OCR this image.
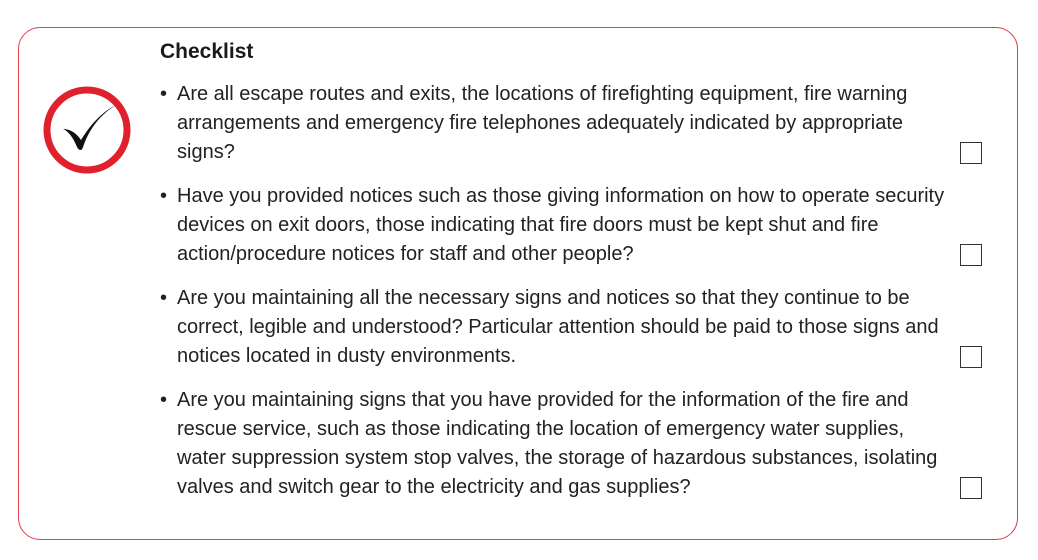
Checklist
• Are all escape routes and exits, the locations of firefighting equipment, fire warning arrangements and emergency fire telephones adequately indicated by appropriate signs?
• Have you provided notices such as those giving information on how to operate security devices on exit doors, those indicating that fire doors must be kept shut and fire action/procedure notices for staff and other people?
• Are you maintaining all the necessary signs and notices so that they continue to be correct, legible and understood? Particular attention should be paid to those signs and notices located in dusty environments.
• Are you maintaining signs that you have provided for the information of the fire and rescue service, such as those indicating the location of emergency water supplies, water suppression system stop valves, the storage of hazardous substances, isolating valves and switch gear to the electricity and gas supplies?
